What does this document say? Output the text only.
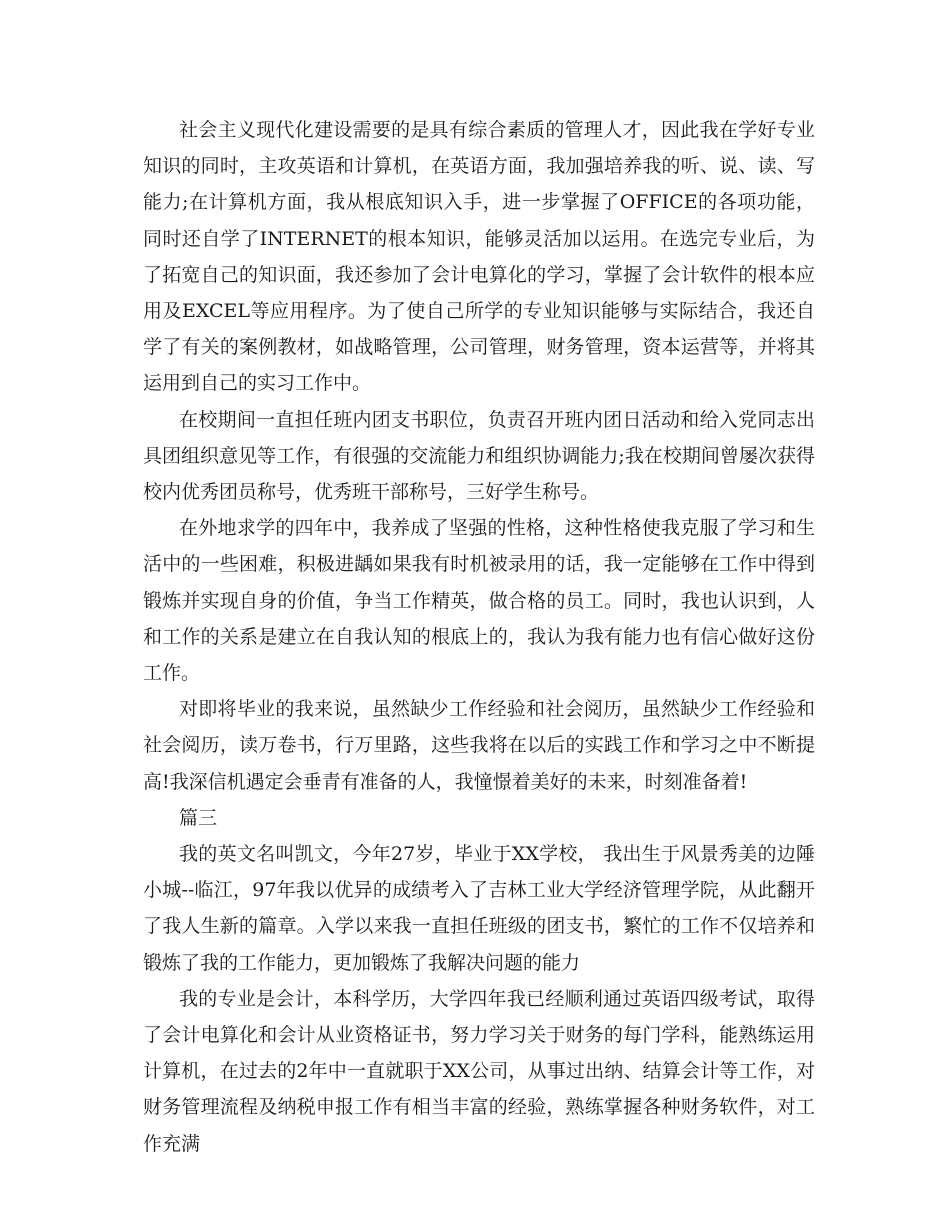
社会主义现代化建设需要的是具有综合素质的管理人才，因此我在学好专业知识的同时，主攻英语和计算机，在英语方面，我加强培养我的听、说、读、写能力;在计算机方面，我从根底知识入手，进一步掌握了OFFICE的各项功能，同时还自学了INTERNET的根本知识，能够灵活加以运用。在选完专业后，为了拓宽自己的知识面，我还参加了会计电算化的学习，掌握了会计软件的根本应用及EXCEL等应用程序。为了使自己所学的专业知识能够与实际结合，我还自学了有关的案例教材，如战略管理，公司管理，财务管理，资本运营等，并将其运用到自己的实习工作中。

在校期间一直担任班内团支书职位，负责召开班内团日活动和给入党同志出具团组织意见等工作，有很强的交流能力和组织协调能力;我在校期间曾屡次获得校内优秀团员称号，优秀班干部称号，三好学生称号。

在外地求学的四年中，我养成了坚强的性格，这种性格使我克服了学习和生活中的一些困难，积极进龋如果我有时机被录用的话，我一定能够在工作中得到锻炼并实现自身的价值，争当工作精英，做合格的员工。同时，我也认识到，人和工作的关系是建立在自我认知的根底上的，我认为我有能力也有信心做好这份工作。

对即将毕业的我来说，虽然缺少工作经验和社会阅历，虽然缺少工作经验和社会阅历，读万卷书，行万里路，这些我将在以后的实践工作和学习之中不断提高!我深信机遇定会垂青有准备的人，我憧憬着美好的未来，时刻准备着!

篇三

我的英文名叫凯文，今年27岁，毕业于XX学校， 我出生于风景秀美的边陲小城--临江，97年我以优异的成绩考入了吉林工业大学经济管理学院，从此翻开了我人生新的篇章。入学以来我一直担任班级的团支书，繁忙的工作不仅培养和锻炼了我的工作能力，更加锻炼了我解决问题的能力

我的专业是会计，本科学历，大学四年我已经顺利通过英语四级考试，取得了会计电算化和会计从业资格证书，努力学习关于财务的每门学科，能熟练运用计算机，在过去的2年中一直就职于XX公司，从事过出纳、结算会计等工作，对财务管理流程及纳税申报工作有相当丰富的经验，熟练掌握各种财务软件，对工作充满
